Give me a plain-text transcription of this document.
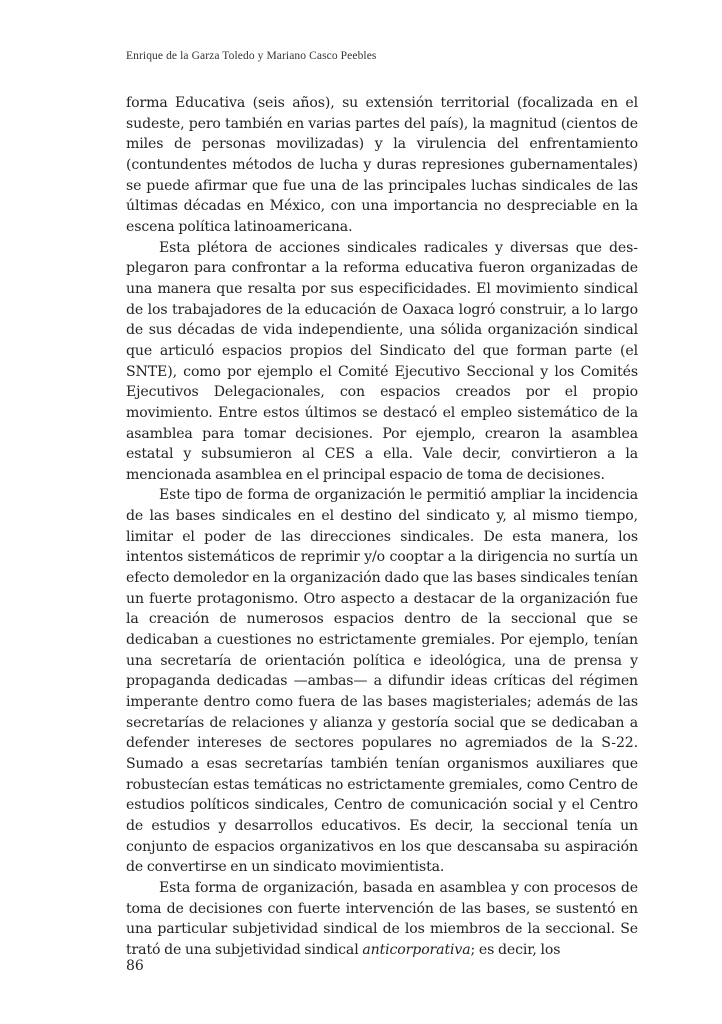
Enrique de la Garza Toledo y Mariano Casco Peebles

forma Educativa (seis años), su extensión territorial (focalizada en el sudeste, pero también en varias partes del país), la magnitud (cientos de miles de personas movilizadas) y la virulencia del enfrentamiento (contundentes métodos de lucha y duras represiones gubernamentales) se puede afirmar que fue una de las principales luchas sindicales de las últimas décadas en México, con una importancia no despreciable en la escena política latinoamericana.

Esta plétora de acciones sindicales radicales y diversas que desplegaron para confrontar a la reforma educativa fueron organizadas de una manera que resalta por sus especificidades. El movimiento sindical de los trabajadores de la educación de Oaxaca logró construir, a lo largo de sus décadas de vida independiente, una sólida organización sindical que articuló espacios propios del Sindicato del que forman parte (el SNTE), como por ejemplo el Comité Ejecutivo Seccional y los Comités Ejecutivos Delegacionales, con espacios creados por el propio movimiento. Entre estos últimos se destacó el empleo sistemático de la asamblea para tomar decisiones. Por ejemplo, crearon la asamblea estatal y subsumieron al CES a ella. Vale decir, convirtieron a la mencionada asamblea en el principal espacio de toma de decisiones.

Este tipo de forma de organización le permitió ampliar la incidencia de las bases sindicales en el destino del sindicato y, al mismo tiempo, limitar el poder de las direcciones sindicales. De esta manera, los intentos sistemáticos de reprimir y/o cooptar a la dirigencia no surtía un efecto demoledor en la organización dado que las bases sindicales tenían un fuerte protagonismo. Otro aspecto a destacar de la organización fue la creación de numerosos espacios dentro de la seccional que se dedicaban a cuestiones no estrictamente gremiales. Por ejemplo, tenían una secretaría de orientación política e ideológica, una de prensa y propaganda dedicadas —ambas— a difundir ideas críticas del régimen imperante dentro como fuera de las bases magisteriales; además de las secretarías de relaciones y alianza y gestoría social que se dedicaban a defender intereses de sectores populares no agremiados de la S-22. Sumado a esas secretarías también tenían organismos auxiliares que robustecían estas temáticas no estrictamente gremiales, como Centro de estudios políticos sindicales, Centro de comunicación social y el Centro de estudios y desarrollos educativos. Es decir, la seccional tenía un conjunto de espacios organizativos en los que descansaba su aspiración de convertirse en un sindicato movimientista.

Esta forma de organización, basada en asamblea y con procesos de toma de decisiones con fuerte intervención de las bases, se sustentó en una particular subjetividad sindical de los miembros de la seccional. Se trató de una subjetividad sindical anticorporativa; es decir, los

86
